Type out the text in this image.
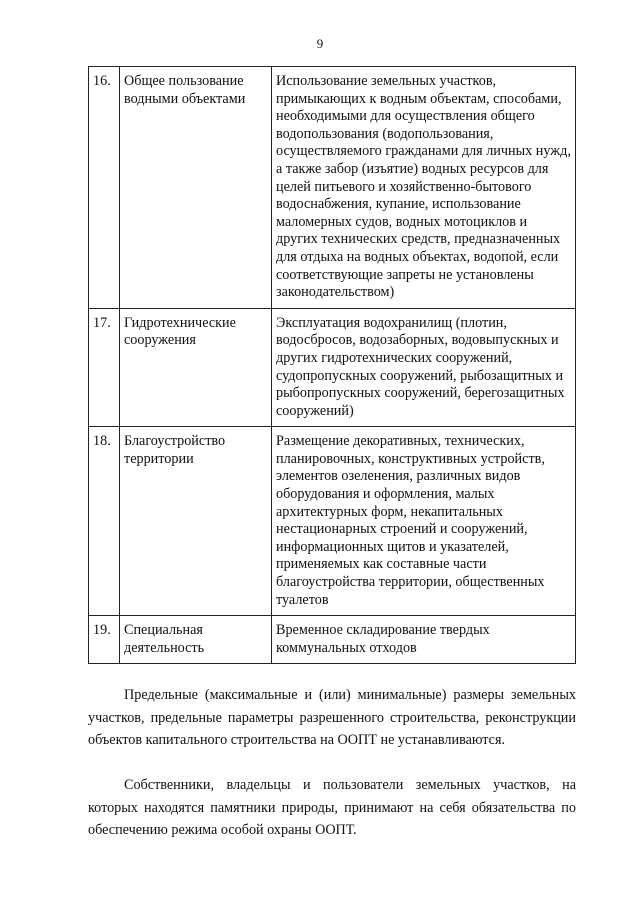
9
16.	Общее пользование водными объектами	Использование земельных участков, примыкающих к водным объектам, способами, необходимыми для осуществления общего водопользования (водопользования, осуществляемого гражданами для личных нужд, а также забор (изъятие) водных ресурсов для целей питьевого и хозяйственно-бытового водоснабжения, купание, использование маломерных судов, водных мотоциклов и других технических средств, предназначенных для отдыха на водных объектах, водопой, если соответствующие запреты не установлены законодательством)
17.	Гидротехнические сооружения	Эксплуатация водохранилищ (плотин, водосбросов, водозаборных, водовыпускных и других гидротехнических сооружений, судопропускных сооружений, рыбозащитных и рыбопропускных сооружений, берегозащитных сооружений)
18.	Благоустройство территории	Размещение декоративных, технических, планировочных, конструктивных устройств, элементов озеленения, различных видов оборудования и оформления, малых архитектурных форм, некапитальных нестационарных строений и сооружений, информационных щитов и указателей, применяемых как составные части благоустройства территории, общественных туалетов
19.	Специальная деятельность	Временное складирование твердых коммунальных отходов

Предельные (максимальные и (или) минимальные) размеры земельных участков, предельные параметры разрешенного строительства, реконструкции объектов капитального строительства на ООПТ не устанавливаются.

Собственники, владельцы и пользователи земельных участков, на которых находятся памятники природы, принимают на себя обязательства по обеспечению режима особой охраны ООПТ.
